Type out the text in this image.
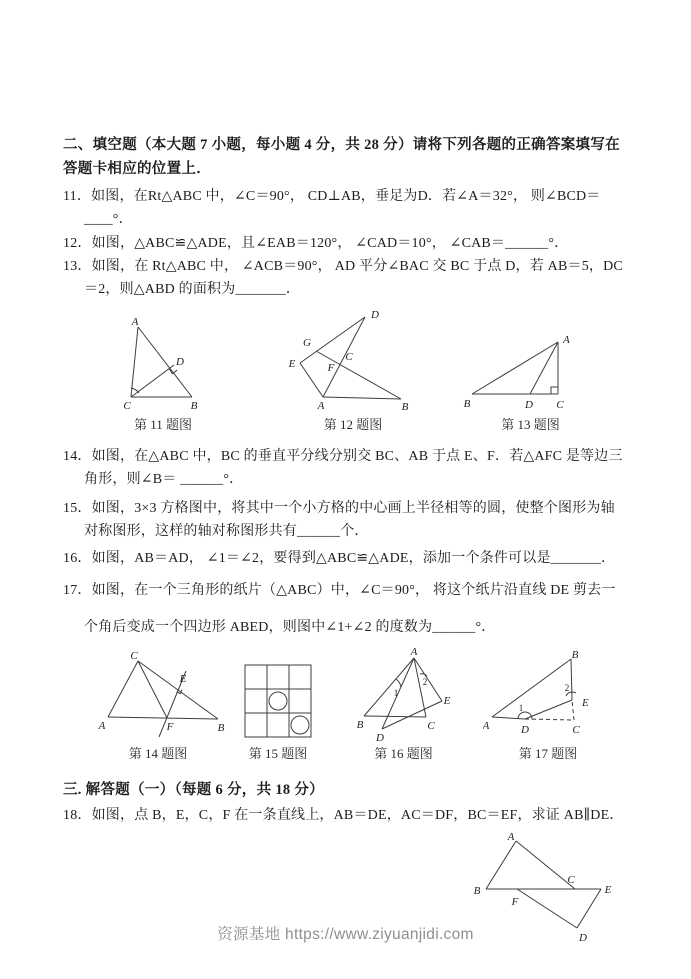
二、填空题（本大题 7 小题，每小题 4 分，共 28 分）请将下列各题的正确答案填写在答题卡相应的位置上．

11．如图，在Rt△ABC 中，∠C＝90°， CD⊥AB，垂足为D．若∠A＝32°， 则∠BCD＝____°．

12．如图，△ABC≌△ADE，且∠EAB＝120°， ∠CAD＝10°， ∠CAB＝______°．

13．如图，在 Rt△ABC 中， ∠ACB＝90°， AD 平分∠BAC 交 BC 于点 D，若 AB＝5，DC＝2，则△ABD 的面积为_______．

A
C	B
D
第 11 题图
D
G
E
C
F
A	B
第 12 题图
A
B	D C
第 13 题图

14．如图，在△ABC 中，BC 的垂直平分线分别交 BC、AB 于点 E、F．若△AFC 是等边三角形，则∠B＝ ______°．

15．如图，3×3 方格图中，将其中一个小方格的中心画上半径相等的圆，使整个图形为轴对称图形，这样的轴对称图形共有______个．

16．如图，AB＝AD， ∠1＝∠2，要得到△ABC≌△ADE，添加一个条件可以是_______．

17．如图，在一个三角形的纸片（△ABC）中，∠C＝90°， 将这个纸片沿直线 DE 剪去一个角后变成一个四边形 ABED，则图中∠1+∠2 的度数为______°．

C
E
A	F	B
第 14 题图	第 15 题图
A
1
2
B	C
D
E
第 16 题图
B
A	D	C
E
1
2
第 17 题图
三. 解答题（一）（每题 6 分，共 18 分）

18．如图，点 B，E，C，F 在一条直线上，AB＝DE，AC＝DF，BC＝EF，求证 AB∥DE．

A
B
F
C
E
D
资源基地 https://www.ziyuanjidi.com
